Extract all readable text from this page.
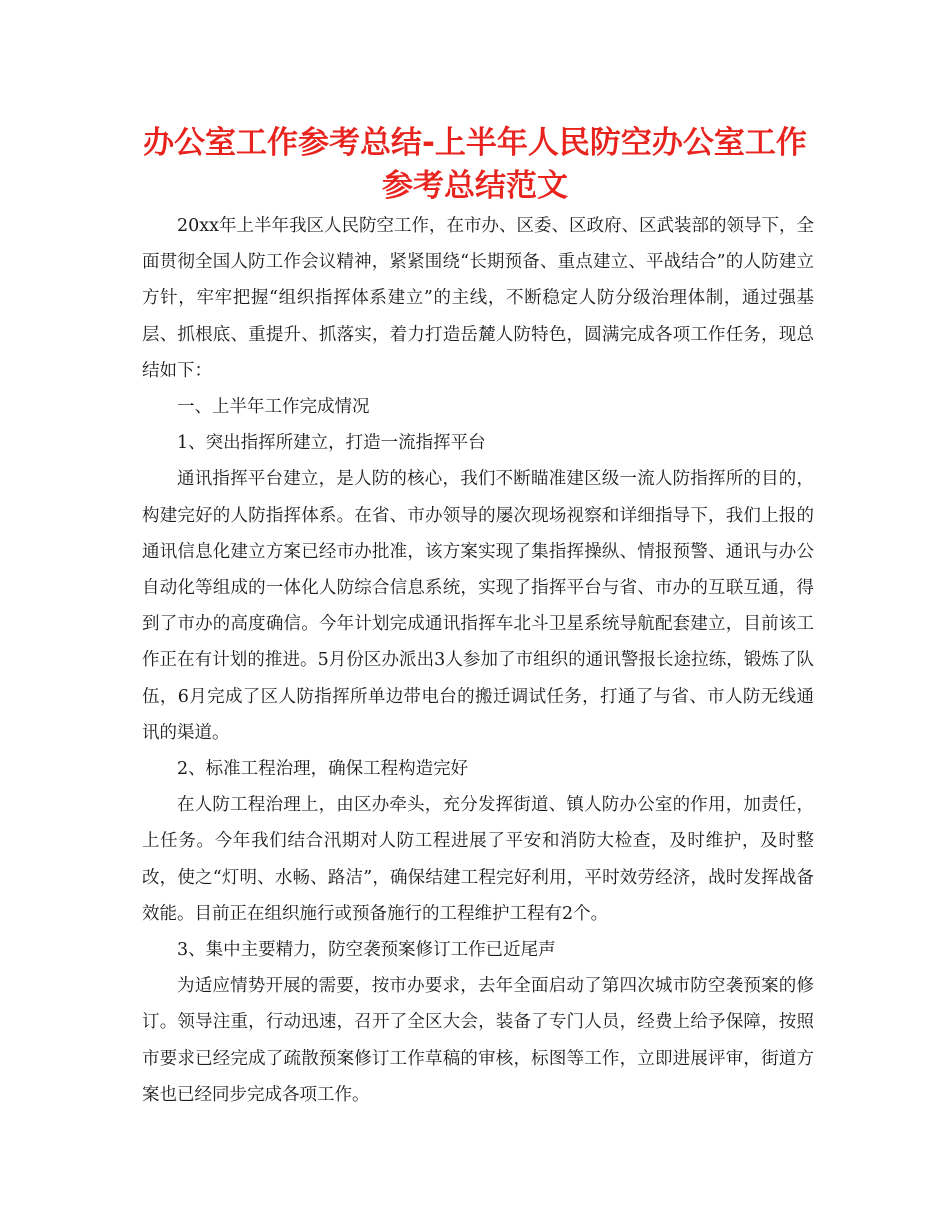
办公室工作参考总结-上半年人民防空办公室工作
参考总结范文

20xx年上半年我区人民防空工作，在市办、区委、区政府、区武装部的领导下，全面贯彻全国人防工作会议精神，紧紧围绕“长期预备、重点建立、平战结合”的人防建立方针，牢牢把握“组织指挥体系建立”的主线，不断稳定人防分级治理体制，通过强基层、抓根底、重提升、抓落实，着力打造岳麓人防特色，圆满完成各项工作任务，现总结如下：

一、上半年工作完成情况

1、突出指挥所建立，打造一流指挥平台

通讯指挥平台建立，是人防的核心，我们不断瞄准建区级一流人防指挥所的目的，构建完好的人防指挥体系。在省、市办领导的屡次现场视察和详细指导下，我们上报的通讯信息化建立方案已经市办批准，该方案实现了集指挥操纵、情报预警、通讯与办公自动化等组成的一体化人防综合信息系统，实现了指挥平台与省、市办的互联互通，得到了市办的高度确信。今年计划完成通讯指挥车北斗卫星系统导航配套建立，目前该工作正在有计划的推进。5月份区办派出3人参加了市组织的通讯警报长途拉练，锻炼了队伍，6月完成了区人防指挥所单边带电台的搬迁调试任务，打通了与省、市人防无线通讯的渠道。

2、标准工程治理，确保工程构造完好

在人防工程治理上，由区办牵头，充分发挥街道、镇人防办公室的作用，加责任，上任务。今年我们结合汛期对人防工程进展了平安和消防大检查，及时维护，及时整改，使之“灯明、水畅、路洁”，确保结建工程完好利用，平时效劳经济，战时发挥战备效能。目前正在组织施行或预备施行的工程维护工程有2个。

3、集中主要精力，防空袭预案修订工作已近尾声

为适应情势开展的需要，按市办要求，去年全面启动了第四次城市防空袭预案的修订。领导注重，行动迅速，召开了全区大会，装备了专门人员，经费上给予保障，按照市要求已经完成了疏散预案修订工作草稿的审核，标图等工作，立即进展评审，街道方案也已经同步完成各项工作。
